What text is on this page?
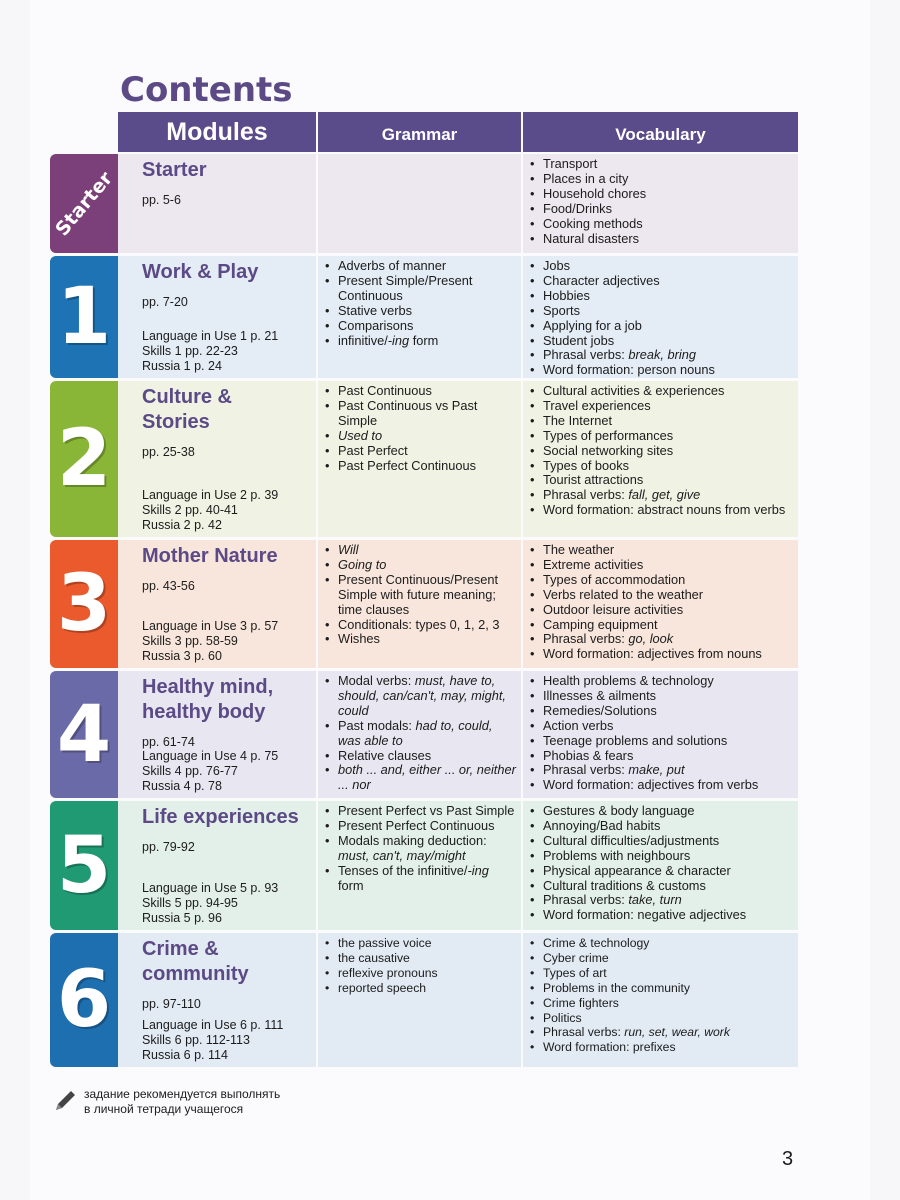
Contents
Modules	Grammar	Vocabulary
Starter Starter
pp. 5-6
• Transport
• Places in a city
• Household chores
• Food/Drinks
• Cooking methods
• Natural disasters
1 Work & Play
pp. 7-20
Language in Use 1 p. 21
Skills 1 pp. 22-23
Russia 1 p. 24
• Adverbs of manner
• Present Simple/Present Continuous
• Stative verbs
• Comparisons
• infinitive/-ing form
• Jobs
• Character adjectives
• Hobbies
• Sports
• Applying for a job
• Student jobs
• Phrasal verbs: break, bring
• Word formation: person nouns
2
Culture &
Stories
pp. 25-38
Language in Use 2 p. 39
Skills 2 pp. 40-41
Russia 2 p. 42
• Past Continuous
• Past Continuous vs Past Simple
• Used to
• Past Perfect
• Past Perfect Continuous
• Cultural activities & experiences
• Travel experiences
• The Internet
• Types of performances
• Social networking sites
• Types of books
• Tourist attractions
• Phrasal verbs: fall, get, give
• Word formation: abstract nouns from verbs
3
Mother Nature
pp. 43-56
Language in Use 3 p. 57
Skills 3 pp. 58-59
Russia 3 p. 60
• Will
• Going to
• Present Continuous/Present Simple with future meaning; time clauses
• Conditionals: types 0, 1, 2, 3
• Wishes
• The weather
• Extreme activities
• Types of accommodation
• Verbs related to the weather
• Outdoor leisure activities
• Camping equipment
• Phrasal verbs: go, look
• Word formation: adjectives from nouns
4
Healthy mind,
healthy body
pp. 61-74
Language in Use 4 p. 75
Skills 4 pp. 76-77
Russia 4 p. 78
• Modal verbs: must, have to, should, can/can't, may, might, could
• Past modals: had to, could, was able to
• Relative clauses
• both ... and, either ... or, neither ... nor
• Health problems & technology
• Illnesses & ailments
• Remedies/Solutions
• Action verbs
• Teenage problems and solutions
• Phobias & fears
• Phrasal verbs: make, put
• Word formation: adjectives from verbs
5
Life experiences
pp. 79-92
Language in Use 5 p. 93
Skills 5 pp. 94-95
Russia 5 p. 96
• Present Perfect vs Past Simple
• Present Perfect Continuous
• Modals making deduction: must, can't, may/might
• Tenses of the infinitive/-ing form
• Gestures & body language
• Annoying/Bad habits
• Cultural difficulties/adjustments
• Problems with neighbours
• Physical appearance & character
• Cultural traditions & customs
• Phrasal verbs: take, turn
• Word formation: negative adjectives
6
Crime &
community
pp. 97-110
Language in Use 6 p. 111
Skills 6 pp. 112-113
Russia 6 p. 114
• the passive voice
• the causative
• reflexive pronouns
• reported speech
• Crime & technology
• Cyber crime
• Types of art
• Problems in the community
• Crime fighters
• Politics
• Phrasal verbs: run, set, wear, work
• Word formation: prefixes
задание рекомендуется выполнять
в личной тетради учащегося
3
